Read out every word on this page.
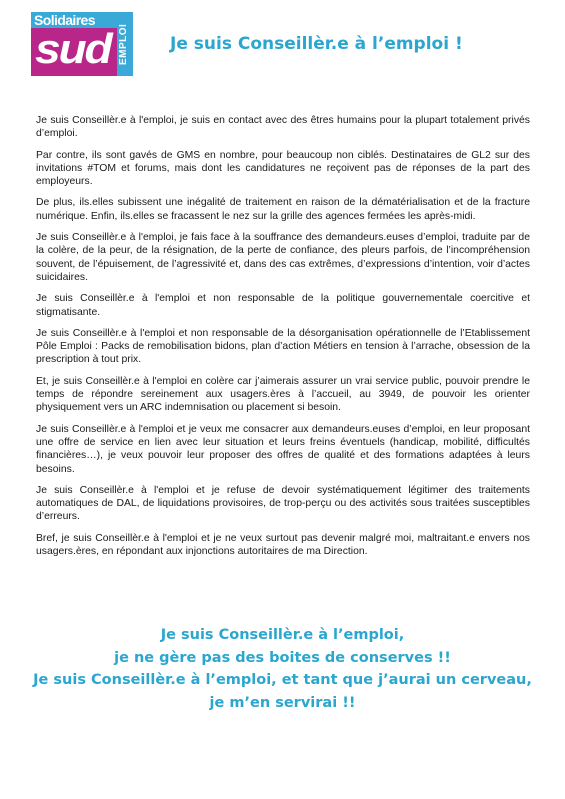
Solidaires
sud EMPLOI Je suis Conseillèr.e à l’emploi !

Je suis Conseillèr.e à l'emploi, je suis en contact avec des êtres humains pour la plupart totalement privés d’emploi.

Par contre, ils sont gavés de GMS en nombre, pour beaucoup non ciblés. Destinataires de GL2 sur des invitations #TOM et forums, mais dont les candidatures ne reçoivent pas de réponses de la part des employeurs.

De plus, ils.elles subissent une inégalité de traitement en raison de la dématérialisation et de la fracture numérique. Enfin, ils.elles se fracassent le nez sur la grille des agences fermées les après-midi.

Je suis Conseillèr.e à l'emploi, je fais face à la souffrance des demandeurs.euses d’emploi, traduite par de la colère, de la peur, de la résignation, de la perte de confiance, des pleurs parfois, de l’incompréhension souvent, de l’épuisement, de l’agressivité et, dans des cas extrêmes, d’expressions d’intention, voir d’actes suicidaires.

Je suis Conseillèr.e à l'emploi et non responsable de la politique gouvernementale coercitive et stigmatisante.

Je suis Conseillèr.e à l'emploi et non responsable de la désorganisation opérationnelle de l’Etablissement Pôle Emploi : Packs de remobilisation bidons, plan d’action Métiers en tension à l’arrache, obsession de la prescription à tout prix.

Et, je suis Conseillèr.e à l'emploi en colère car j’aimerais assurer un vrai service public, pouvoir prendre le temps de répondre sereinement aux usagers.ères à l’accueil, au 3949, de pouvoir les orienter physiquement vers un ARC indemnisation ou placement si besoin.

Je suis Conseillèr.e à l'emploi et je veux me consacrer aux demandeurs.euses d’emploi, en leur proposant une offre de service en lien avec leur situation et leurs freins éventuels (handicap, mobilité, difficultés financières…), je veux pouvoir leur proposer des offres de qualité et des formations adaptées à leurs besoins.

Je suis Conseillèr.e à l'emploi et je refuse de devoir systématiquement légitimer des traitements automatiques de DAL, de liquidations provisoires, de trop-perçu ou des activités sous traitées susceptibles d’erreurs.

Bref, je suis Conseillèr.e à l'emploi et je ne veux surtout pas devenir malgré moi, maltraitant.e envers nos usagers.ères, en répondant aux injonctions autoritaires de ma Direction.

Je suis Conseillèr.e à l’emploi,
je ne gère pas des boites de conserves !!
Je suis Conseillèr.e à l’emploi, et tant que j’aurai un cerveau,
je m’en servirai !!
